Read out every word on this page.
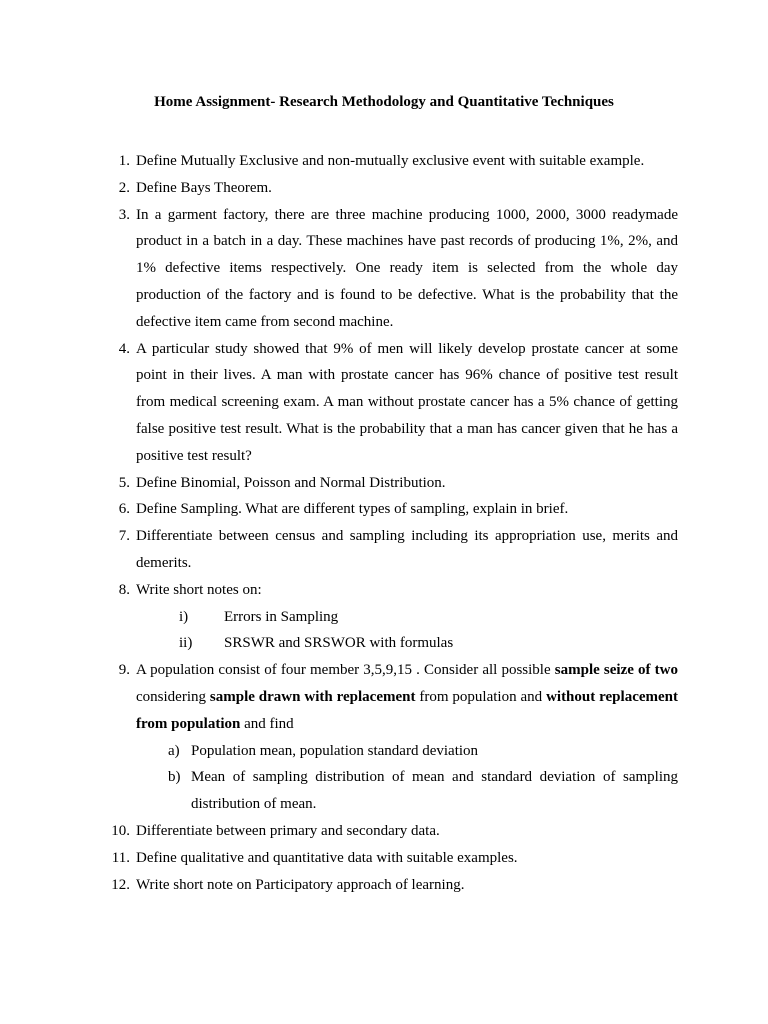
Home Assignment- Research Methodology and Quantitative Techniques
1. Define Mutually Exclusive and non-mutually exclusive event with suitable example.
2. Define Bays Theorem.
3. In a garment factory, there are three machine producing 1000, 2000, 3000 readymade product in a batch in a day. These machines have past records of producing 1%, 2%, and 1% defective items respectively. One ready item is selected from the whole day production of the factory and is found to be defective. What is the probability that the defective item came from second machine.
4. A particular study showed that 9% of men will likely develop prostate cancer at some point in their lives. A man with prostate cancer has 96% chance of positive test result from medical screening exam. A man without prostate cancer has a 5% chance of getting false positive test result. What is the probability that a man has cancer given that he has a positive test result?
5. Define Binomial, Poisson and Normal Distribution.
6. Define Sampling. What are different types of sampling, explain in brief.
7. Differentiate between census and sampling including its appropriation use, merits and demerits.
8. Write short notes on:
i) Errors in Sampling
ii) SRSWR and SRSWOR with formulas
9. A population consist of four member 3,5,9,15 . Consider all possible sample seize of two considering sample drawn with replacement from population and without replacement from population and find
a) Population mean, population standard deviation
b) Mean of sampling distribution of mean and standard deviation of sampling distribution of mean.
10. Differentiate between primary and secondary data.
11. Define qualitative and quantitative data with suitable examples.
12. Write short note on Participatory approach of learning.
